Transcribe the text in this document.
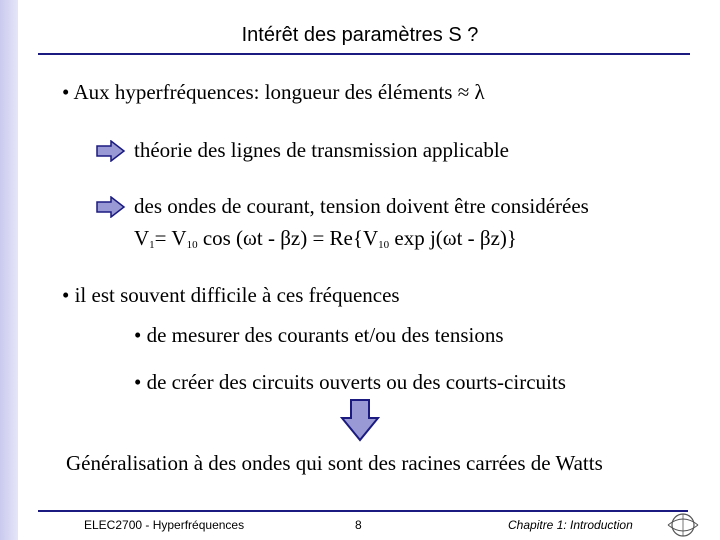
Intérêt des paramètres S ?
• Aux hyperfréquences: longueur des éléments ≈ λ
théorie des lignes de transmission applicable
des ondes de courant, tension doivent être considérées
$V_1= V_{10}$ $\cos (\omega t - \beta z) = Re\{V_{10}$ exp j(ωt - βz)}
• il est souvent difficile à ces fréquences
• de mesurer des courants et/ou des tensions
• de créer des circuits ouverts ou des courts-circuits
Généralisation à des ondes qui sont des racines carrées de Watts
ELEC2700 - Hyperfréquences	8	Chapitre 1: Introduction
